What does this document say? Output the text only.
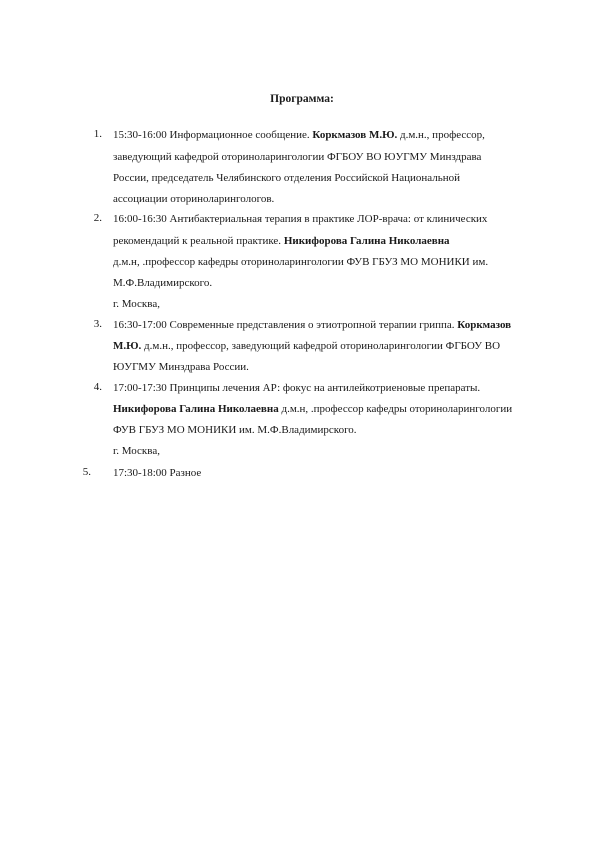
Программа:
1. 15:30-16:00 Информационное сообщение. Коркмазов М.Ю. д.м.н., профессор,
заведующий кафедрой оториноларингологии ФГБОУ ВО ЮУГМУ Минздрава
России, председатель Челябинского отделения Российской Национальной
ассоциации оториноларингологов.
2. 16:00-16:30 Антибактериальная терапия в практике ЛОР-врача: от клинических
рекомендаций к реальной практике. Никифорова Галина Николаевна
д.м.н, .профессор кафедры оториноларингологии ФУВ ГБУЗ МО МОНИКИ им.
М.Ф.Владимирского.
г. Москва,
3. 16:30-17:00 Современные представления о этиотропной терапии гриппа. Коркмазов
М.Ю. д.м.н., профессор, заведующий кафедрой оториноларингологии ФГБОУ ВО
ЮУГМУ Минздрава России.
4. 17:00-17:30 Принципы лечения АР: фокус на антилейкотриеновые препараты.
Никифорова Галина Николаевна д.м.н, .профессор кафедры оториноларингологии
ФУВ ГБУЗ МО МОНИКИ им. М.Ф.Владимирского.
г. Москва,
5. 17:30-18:00 Разное
